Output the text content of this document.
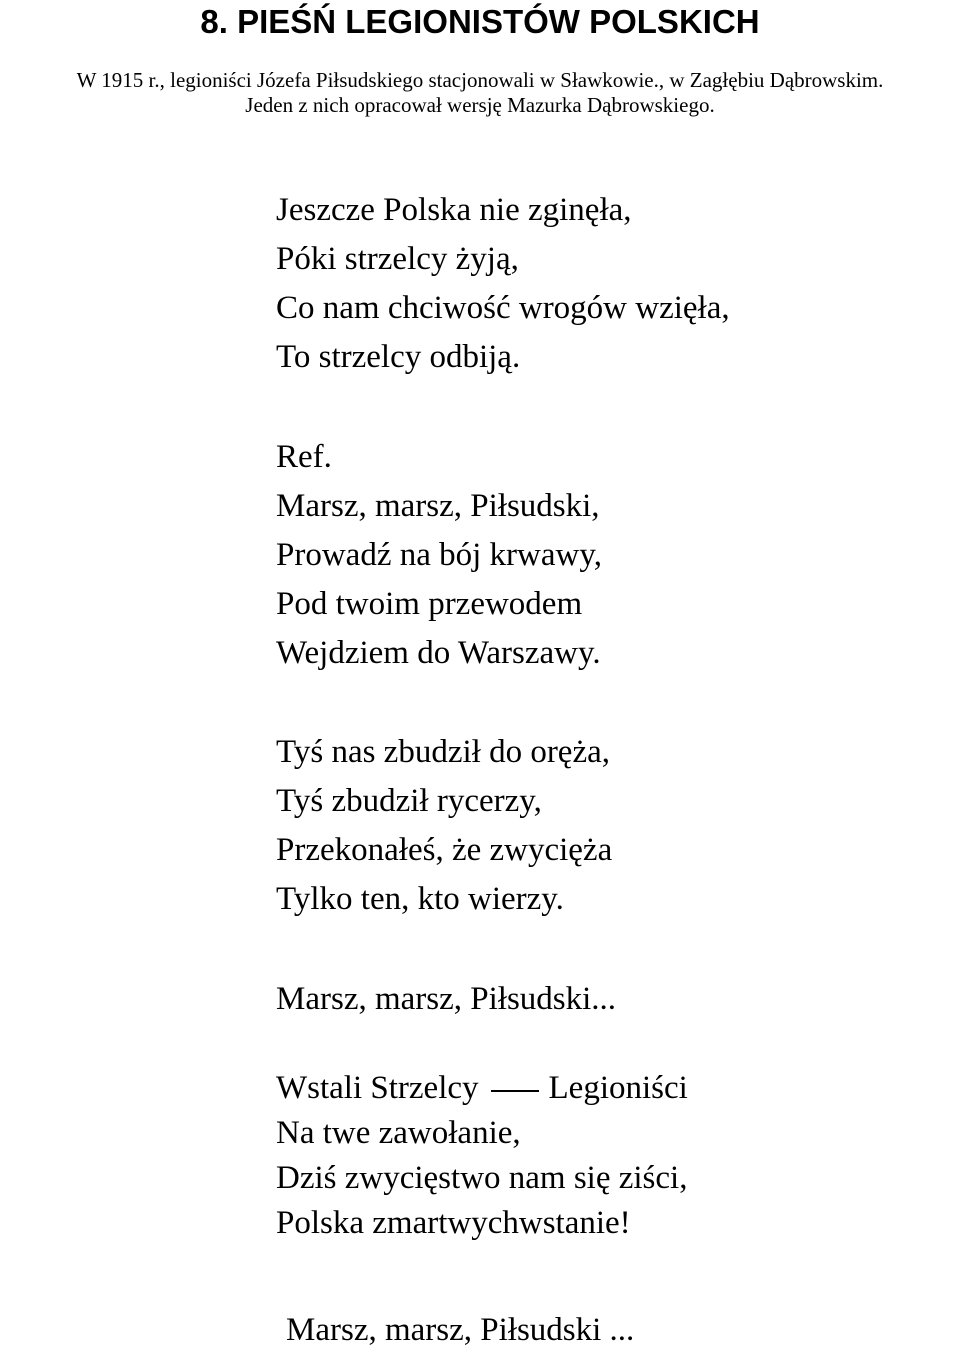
8. PIEŚŃ LEGIONISTÓW POLSKICH
W 1915 r., legioniści Józefa Piłsudskiego stacjonowali w Sławkowie., w Zagłębiu Dąbrowskim.
Jeden z nich opracował wersję Mazurka Dąbrowskiego.
Jeszcze Polska nie zginęła,
Póki strzelcy żyją,
Co nam chciwość wrogów wzięła,
To strzelcy odbiją.
Ref.
Marsz, marsz, Piłsudski,
Prowadź na bój krwawy,
Pod twoim przewodem
Wejdziem do Warszawy.
Tyś nas zbudził do oręża,
Tyś zbudził rycerzy,
Przekonałeś, że zwycięża
Tylko ten, kto wierzy.
Marsz, marsz, Piłsudski...
Wstali Strzelcy Legioniści
Na twe zawołanie,
Dziś zwycięstwo nam się ziści,
Polska zmartwychwstanie!
Marsz, marsz, Piłsudski ...
